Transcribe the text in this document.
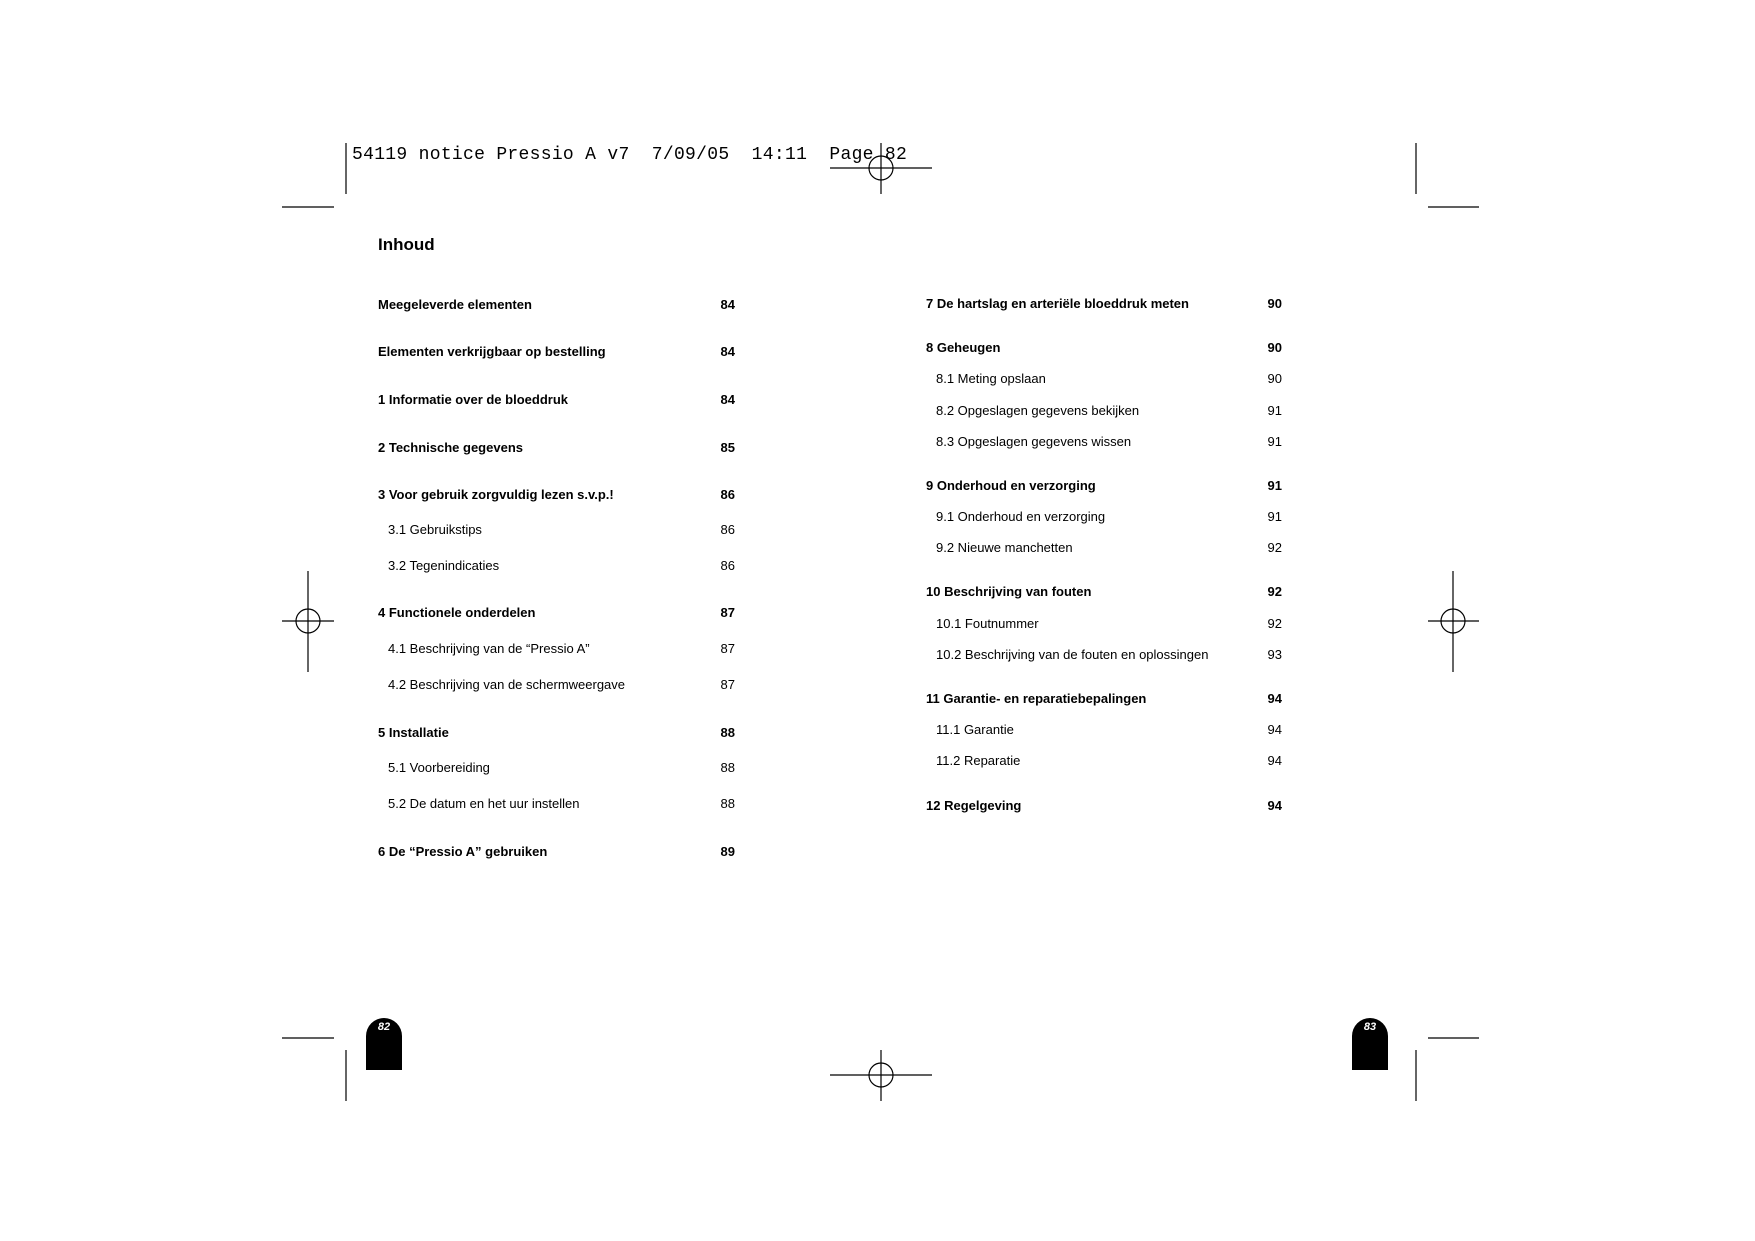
54119 notice Pressio A v7  7/09/05  14:11  Page 82
Inhoud
Meegeleverde elementen	84
Elementen verkrijgbaar op bestelling	84
1 Informatie over de bloeddruk	84
2 Technische gegevens	85
3 Voor gebruik zorgvuldig lezen s.v.p.!	86
3.1 Gebruikstips	86
3.2 Tegenindicaties	86
4 Functionele onderdelen	87
4.1 Beschrijving van de “Pressio A”	87
4.2 Beschrijving van de schermweergave	87
5 Installatie	88
5.1 Voorbereiding	88
5.2 De datum en het uur instellen	88
6 De “Pressio A” gebruiken	89
7 De hartslag en arteriële bloeddruk meten	90
8 Geheugen	90
8.1 Meting opslaan	90
8.2 Opgeslagen gegevens bekijken	91
8.3 Opgeslagen gegevens wissen	91
9 Onderhoud en verzorging	91
9.1 Onderhoud en verzorging	91
9.2 Nieuwe manchetten	92
10 Beschrijving van fouten	92
10.1 Foutnummer	92
10.2 Beschrijving van de fouten en oplossingen	93
11 Garantie- en reparatiebepalingen	94
11.1 Garantie	94
11.2 Reparatie	94
12 Regelgeving	94
82	83
